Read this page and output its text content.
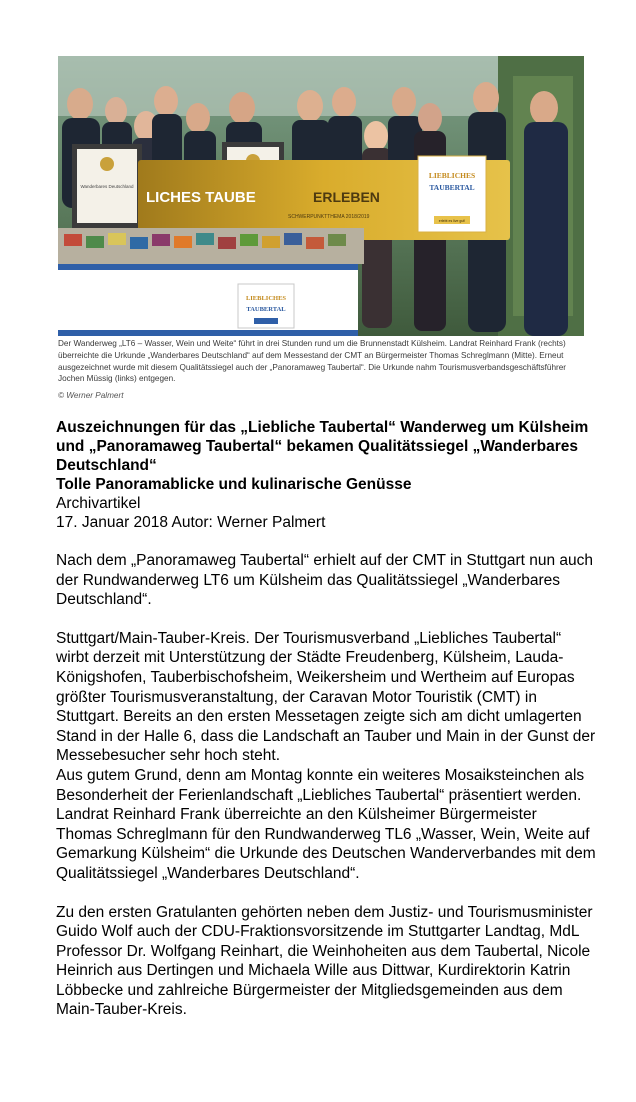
Wanderbares Deutschland
LICHES TAUBE	ERLEBEN
SCHWERPUNKTTHEMA 2018/2019
LIEBLICHES
TAUBERTAL
erlebt es live gut!
LIEBLICHES
TAUBERTAL
Der Wanderweg „LT6 – Wasser, Wein und Weite“ führt in drei Stunden rund um die Brunnenstadt Külsheim. Landrat Reinhard Frank (rechts) überreichte die Urkunde „Wanderbares Deutschland“ auf dem Messestand der CMT an Bürgermeister Thomas Schreglmann (Mitte). Erneut ausgezeichnet wurde mit diesem Qualitätssiegel auch der „Panoramaweg Taubertal“. Die Urkunde nahm Tourismusverbandsgeschäftsführer Jochen Müssig (links) entgegen.
© Werner Palmert
Auszeichnungen für das „Liebliche Taubertal“ Wanderweg um Külsheim und „Panoramaweg Taubertal“ bekamen Qualitätssiegel „Wanderbares Deutschland“
Tolle Panoramablicke und kulinarische Genüsse
Archivartikel
17. Januar 2018 Autor: Werner Palmert

Nach dem „Panoramaweg Taubertal“ erhielt auf der CMT in Stuttgart nun auch der Rundwanderweg LT6 um Külsheim das Qualitätssiegel „Wanderbares Deutschland“.

Stuttgart/Main-Tauber-Kreis. Der Tourismusverband „Liebliches Taubertal“ wirbt derzeit mit Unterstützung der Städte Freudenberg, Külsheim, Lauda-Königshofen, Tauberbischofsheim, Weikersheim und Wertheim auf Europas größter Tourismusveranstaltung, der Caravan Motor Touristik (CMT) in Stuttgart. Bereits an den ersten Messetagen zeigte sich am dicht umlagerten Stand in der Halle 6, dass die Landschaft an Tauber und Main in der Gunst der Messebesucher sehr hoch steht.

Aus gutem Grund, denn am Montag konnte ein weiteres Mosaiksteinchen als Besonderheit der Ferienlandschaft „Liebliches Taubertal“ präsentiert werden. Landrat Reinhard Frank überreichte an den Külsheimer Bürgermeister Thomas Schreglmann für den Rundwanderweg TL6 „Wasser, Wein, Weite auf Gemarkung Külsheim“ die Urkunde des Deutschen Wanderverbandes mit dem Qualitätssiegel „Wanderbares Deutschland“.

Zu den ersten Gratulanten gehörten neben dem Justiz- und Tourismusminister Guido Wolf auch der CDU-Fraktionsvorsitzende im Stuttgarter Landtag, MdL Professor Dr. Wolfgang Reinhart, die Weinhoheiten aus dem Taubertal, Nicole Heinrich aus Dertingen und Michaela Wille aus Dittwar, Kurdirektorin Katrin Löbbecke und zahlreiche Bürgermeister der Mitgliedsgemeinden aus dem Main-Tauber-Kreis.
